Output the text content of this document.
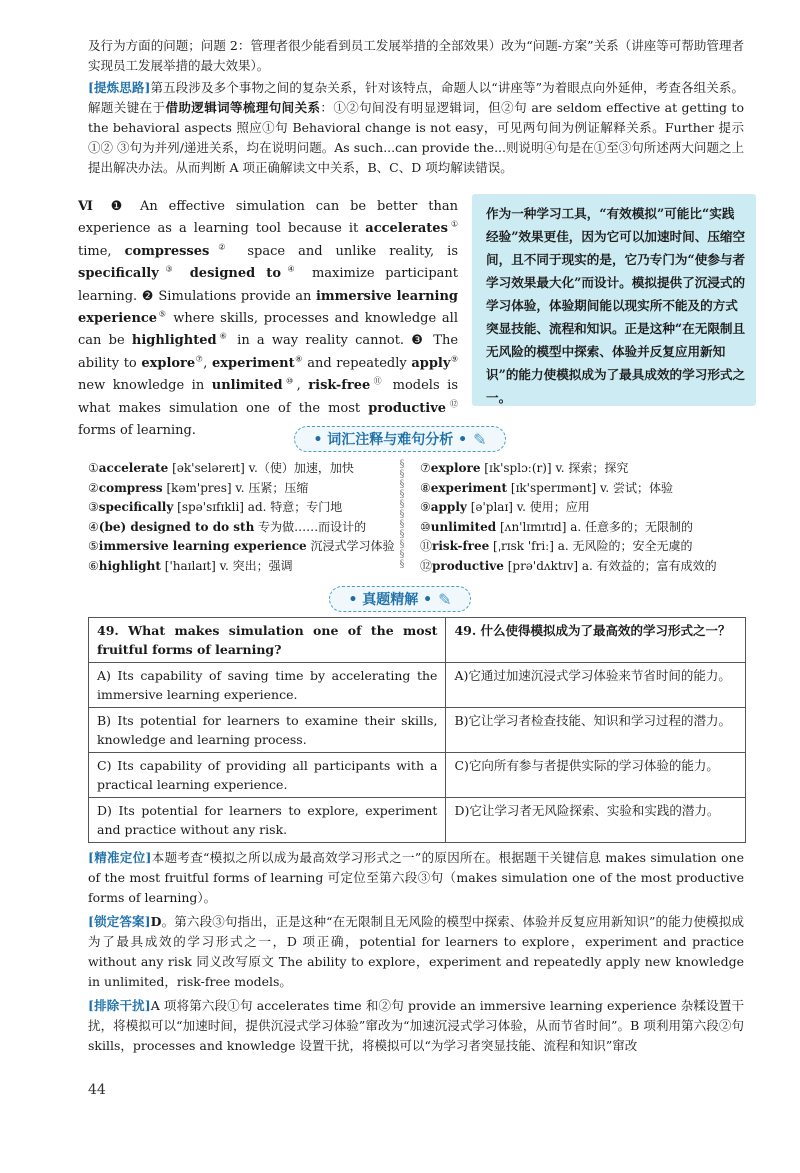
及行为方面的问题；问题 2：管理者很少能看到员工发展举措的全部效果）改为“问题-方案”关系（讲座等可帮助管理者实现员工发展举措的最大效果）。
[提炼思路]第五段涉及多个事物之间的复杂关系，针对该特点，命题人以“讲座等”为着眼点向外延伸，考查各组关系。解题关键在于借助逻辑词等梳理句间关系：①②句间没有明显逻辑词，但②句 are seldom effective at getting to the behavioral aspects 照应①句 Behavioral change is not easy，可见两句间为例证解释关系。Further 提示①② ③句为并列/递进关系，均在说明问题。As such...can provide the...则说明④句是在①至③句所述两大问题之上提出解决办法。从而判断 A 项正确解读文中关系，B、C、D 项均解读错误。
Ⅵ ❶ An effective simulation can be better than experience as a learning tool because it accelerates① time, compresses② space and unlike reality, is specifically③ designed to④ maximize participant learning. ❷ Simulations provide an immersive learning experience⑤ where skills, processes and knowledge all can be highlighted⑥ in a way reality cannot. ❸ The ability to explore⑦, experiment⑧ and repeatedly apply⑨ new knowledge in unlimited⑩, risk-free⑪ models is what makes simulation one of the most productive⑫ forms of learning.
作为一种学习工具，“有效模拟”可能比“实践经验”效果更佳，因为它可以加速时间、压缩空间，且不同于现实的是，它乃专门为“使参与者学习效果最大化”而设计。模拟提供了沉浸式的学习体验，体验期间能以现实所不能及的方式突显技能、流程和知识。正是这种“在无限制且无风险的模型中探索、体验并反复应用新知识”的能力使模拟成为了最具成效的学习形式之一。
• 词汇注释与难句分析 • ✎
①accelerate [ək'seləreɪt] v.（使）加速，加快
②compress [kəm'pres] v. 压紧；压缩
③specifically [spə'sɪfɪkli] ad. 特意；专门地
④(be) designed to do sth 专为做……而设计的
⑤immersive learning experience 沉浸式学习体验
⑥highlight ['haɪlaɪt] v. 突出；强调
§
§
§
§
§
§
§
§
§
§
§
⑦explore [ɪk'splɔː(r)] v. 探索；探究
⑧experiment [ɪk'sperɪmənt] v. 尝试；体验
⑨apply [ə'plaɪ] v. 使用；应用
⑩unlimited [ʌn'lɪmɪtɪd] a. 任意多的；无限制的
⑪risk-free [ˌrɪsk 'friː] a. 无风险的；安全无虞的
⑫productive [prə'dʌktɪv] a. 有效益的；富有成效的
• 真题精解 • ✎
49. What makes simulation one of the most fruitful forms of learning?	49. 什么使得模拟成为了最高效的学习形式之一？
A) Its capability of saving time by accelerating the immersive learning experience.	A)它通过加速沉浸式学习体验来节省时间的能力。
B) Its potential for learners to examine their skills, knowledge and learning process.	B)它让学习者检查技能、知识和学习过程的潜力。
C) Its capability of providing all participants with a practical learning experience.	C)它向所有参与者提供实际的学习体验的能力。
D) Its potential for learners to explore, experiment and practice without any risk.	D)它让学习者无风险探索、实验和实践的潜力。
[精准定位]本题考查“模拟之所以成为最高效学习形式之一”的原因所在。根据题干关键信息 makes simulation one of the most fruitful forms of learning 可定位至第六段③句（makes simulation one of the most productive forms of learning）。
[锁定答案]D。第六段③句指出，正是这种“在无限制且无风险的模型中探索、体验并反复应用新知识”的能力使模拟成为了最具成效的学习形式之一，D 项正确，potential for learners to explore，experiment and practice without any risk 同义改写原文 The ability to explore，experiment and repeatedly apply new knowledge in unlimited，risk-free models。
[排除干扰]A 项将第六段①句 accelerates time 和②句 provide an immersive learning experience 杂糅设置干扰，将模拟可以“加速时间，提供沉浸式学习体验”窜改为“加速沉浸式学习体验，从而节省时间”。B 项利用第六段②句 skills，processes and knowledge 设置干扰，将模拟可以“为学习者突显技能、流程和知识”窜改
44
